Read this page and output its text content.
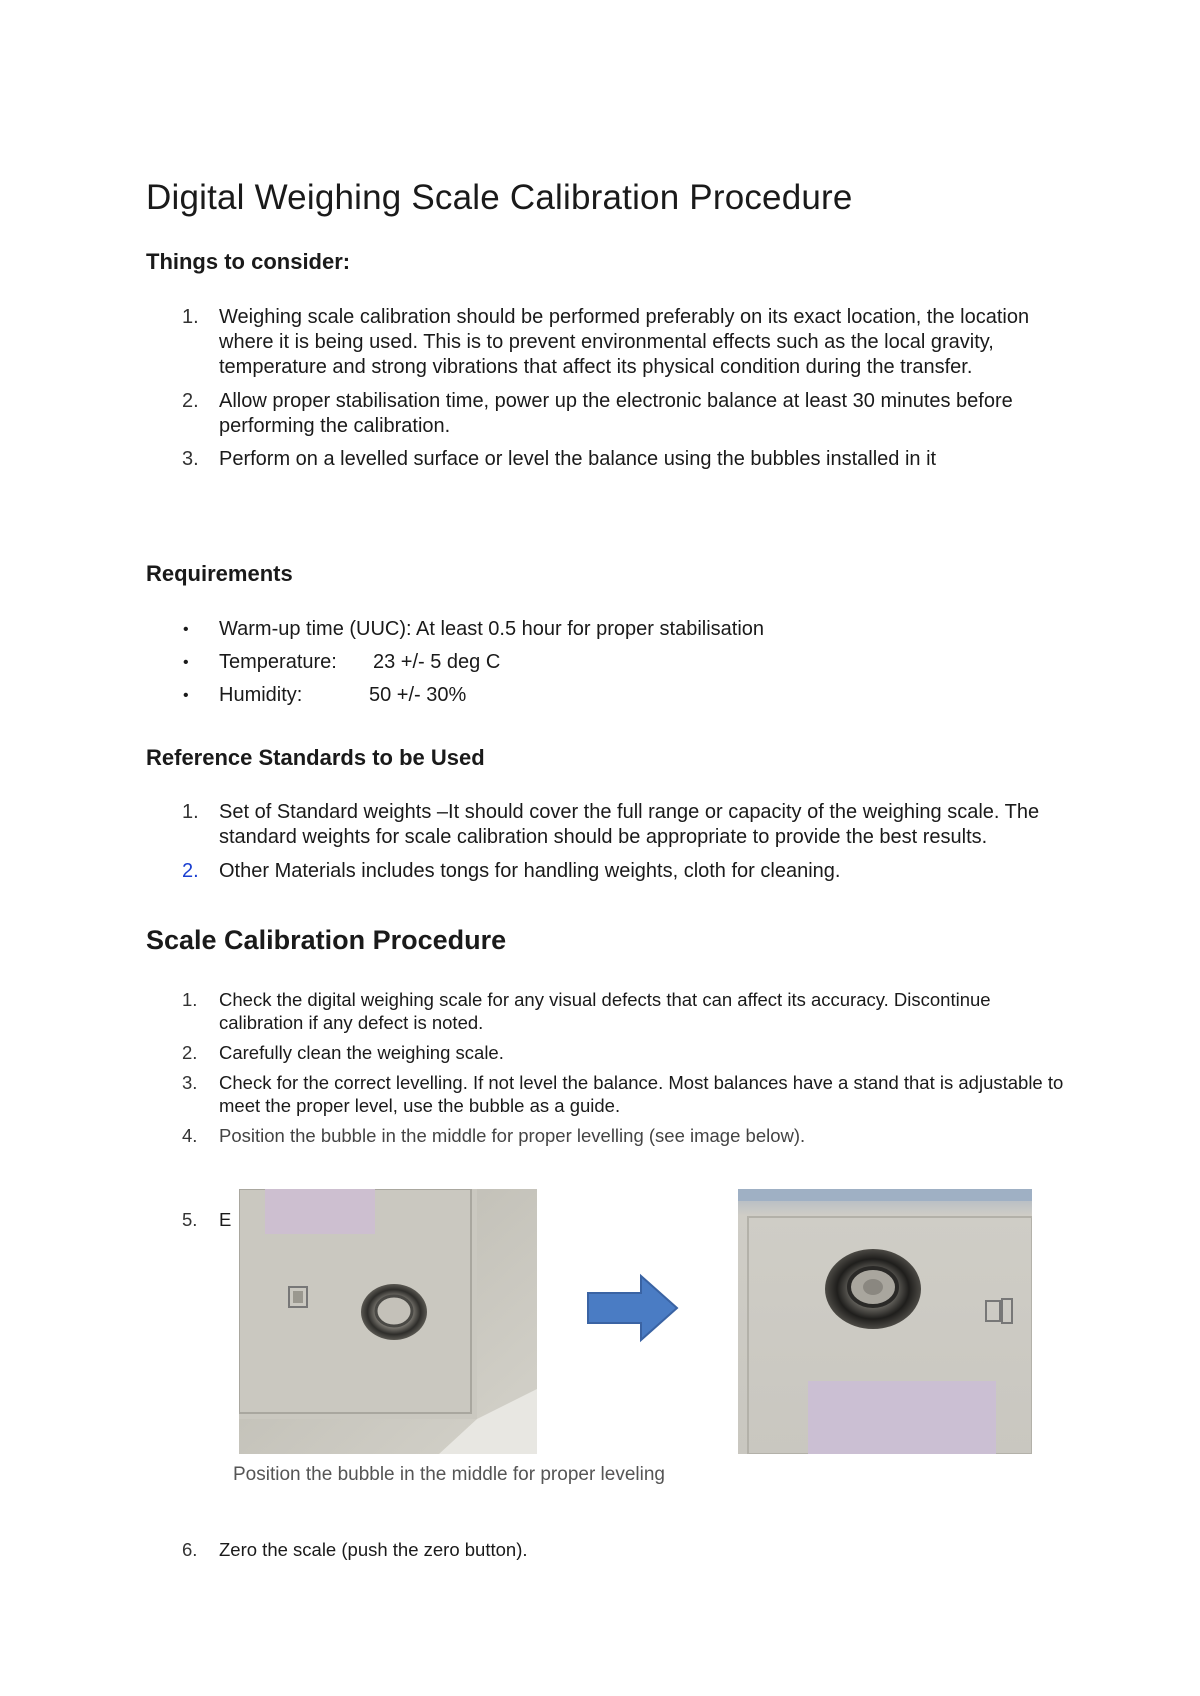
Digital Weighing Scale Calibration Procedure
Things to consider:
1.	Weighing scale calibration should be performed preferably on its exact location, the location where it is being used. This is to prevent environmental effects such as the local gravity, temperature and strong vibrations that affect its physical condition during the transfer.
2.	Allow proper stabilisation time, power up the electronic balance at least 30 minutes before performing the calibration.
3.	Perform on a levelled surface or level the balance using the bubbles installed in it
Requirements
• Warm-up time (UUC): At least 0.5 hour for proper stabilisation
• Temperature: 23 +/- 5 deg C
• Humidity:	50 +/- 30%
Reference Standards to be Used
1.	Set of Standard weights –It should cover the full range or capacity of the weighing scale. The standard weights for scale calibration should be appropriate to provide the best results.
2.	Other Materials includes tongs for handling weights, cloth for cleaning.
Scale Calibration Procedure
1.	Check the digital weighing scale for any visual defects that can affect its accuracy. Discontinue calibration if any defect is noted.
2.	Carefully clean the weighing scale.
3.	Check for the correct levelling. If not level the balance. Most balances have a stand that is adjustable to meet the proper level, use the bubble as a guide.
4.	Position the bubble in the middle for proper levelling (see image below).
5.	E

Position the bubble in the middle for proper leveling

6.	Zero the scale (push the zero button).
